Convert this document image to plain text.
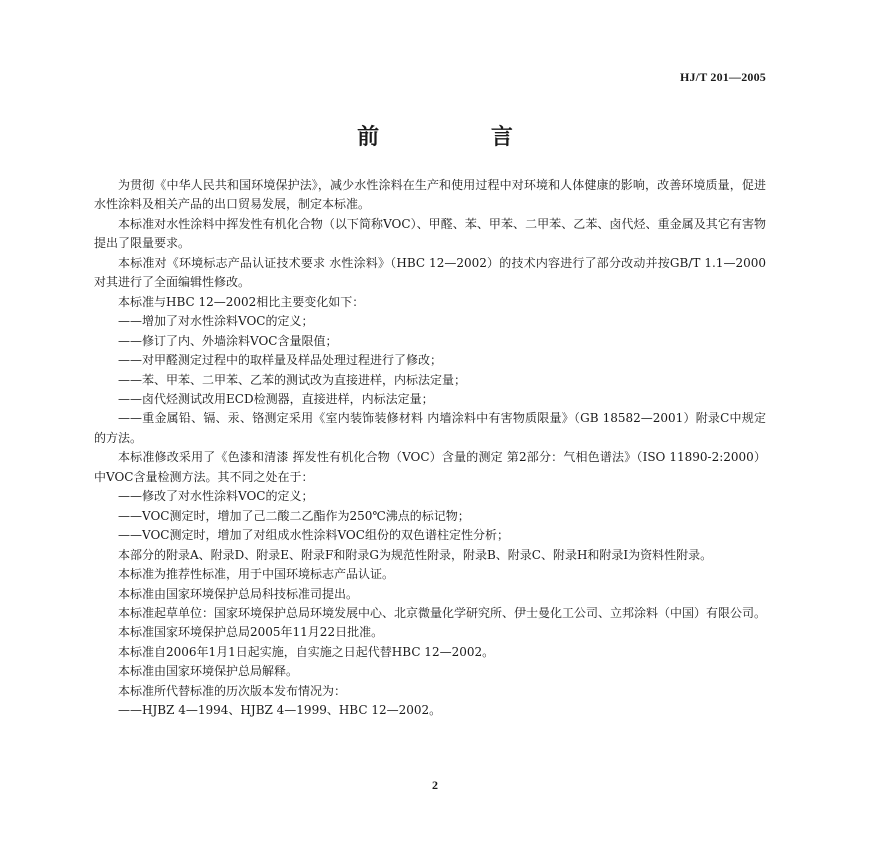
HJ/T 201—2005
前 言

为贯彻《中华人民共和国环境保护法》，减少水性涂料在生产和使用过程中对环境和人体健康的影响，改善环境质量，促进水性涂料及相关产品的出口贸易发展，制定本标准。

本标准对水性涂料中挥发性有机化合物（以下简称VOC）、甲醛、苯、甲苯、二甲苯、乙苯、卤代烃、重金属及其它有害物提出了限量要求。

本标准对《环境标志产品认证技术要求 水性涂料》（HBC 12—2002）的技术内容进行了部分改动并按GB/T 1.1—2000对其进行了全面编辑性修改。

本标准与HBC 12—2002相比主要变化如下：

——增加了对水性涂料VOC的定义；

——修订了内、外墙涂料VOC含量限值；

——对甲醛测定过程中的取样量及样品处理过程进行了修改；

——苯、甲苯、二甲苯、乙苯的测试改为直接进样，内标法定量；

——卤代烃测试改用ECD检测器，直接进样，内标法定量；

——重金属铅、镉、汞、铬测定采用《室内装饰装修材料 内墙涂料中有害物质限量》（GB 18582—2001）附录C中规定的方法。

本标准修改采用了《色漆和清漆 挥发性有机化合物（VOC）含量的测定 第2部分：气相色谱法》（ISO 11890-2:2000）中VOC含量检测方法。其不同之处在于：

——修改了对水性涂料VOC的定义；

——VOC测定时，增加了己二酸二乙酯作为250℃沸点的标记物；

——VOC测定时，增加了对组成水性涂料VOC组份的双色谱柱定性分析；

本部分的附录A、附录D、附录E、附录F和附录G为规范性附录，附录B、附录C、附录H和附录I为资料性附录。

本标准为推荐性标准，用于中国环境标志产品认证。

本标准由国家环境保护总局科技标准司提出。

本标准起草单位：国家环境保护总局环境发展中心、北京微量化学研究所、伊士曼化工公司、立邦涂料（中国）有限公司。

本标准国家环境保护总局2005年11月22日批准。

本标准自2006年1月1日起实施，自实施之日起代替HBC 12—2002。

本标准由国家环境保护总局解释。

本标准所代替标准的历次版本发布情况为：

——HJBZ 4—1994、HJBZ 4—1999、HBC 12—2002。

2
